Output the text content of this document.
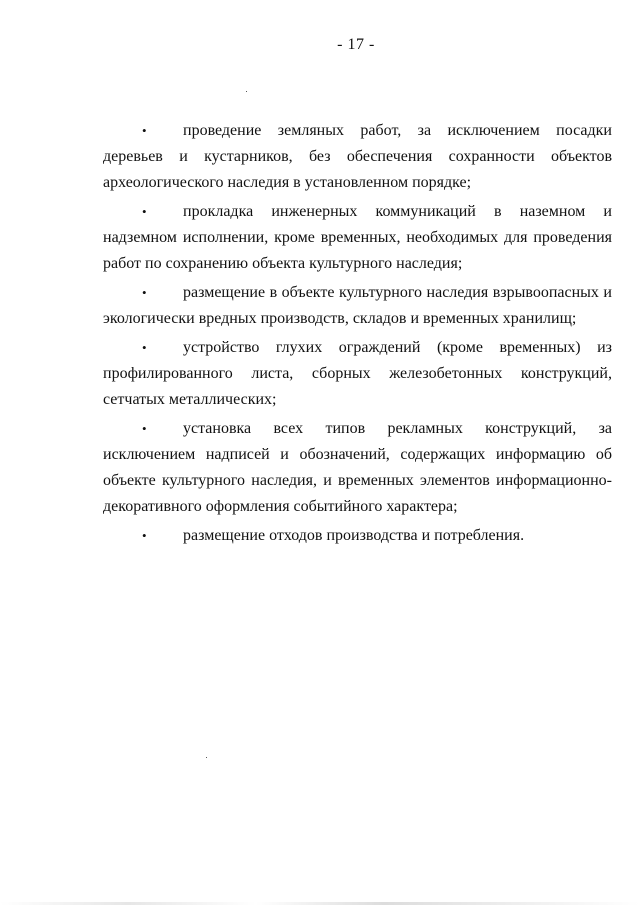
- 17 -
• проведение земляных работ, за исключением посадки деревьев и кустарников, без обеспечения сохранности объектов археологического наследия в установленном порядке;
• прокладка инженерных коммуникаций в наземном и надземном исполнении, кроме временных, необходимых для проведения работ по сохранению объекта культурного наследия;
• размещение в объекте культурного наследия взрывоопасных и экологически вредных производств, складов и временных хранилищ;
• устройство глухих ограждений (кроме временных) из профилированного листа, сборных железобетонных конструкций, сетчатых металлических;
• установка всех типов рекламных конструкций, за исключением надписей и обозначений, содержащих информацию об объекте культурного наследия, и временных элементов информационно-декоративного оформления событийного характера;
• размещение отходов производства и потребления.
